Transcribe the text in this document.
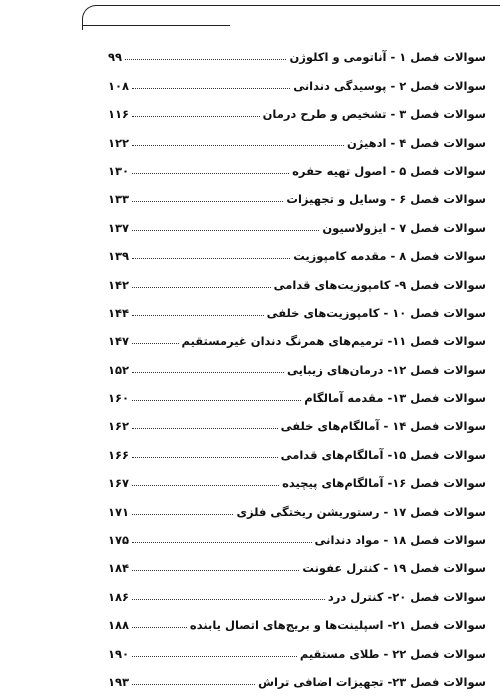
سوالات فصل ۱ - آناتومی و اکلوژن
۹۹
سوالات فصل ۲ - پوسیدگی دندانی
۱۰۸
سوالات فصل ۳ - تشخیص و طرح درمان
۱۱۶
سوالات فصل ۴ - ادهیژن
۱۲۲
سوالات فصل ۵ - اصول تهیه حفره
۱۳۰
سوالات فصل ۶ - وسایل و تجهیزات
۱۳۳
سوالات فصل ۷ - ایزولاسیون
۱۳۷
سوالات فصل ۸ - مقدمه کامپوزیت
۱۳۹
سوالات فصل ۹- کامپوزیت‌های قدامی
۱۴۲
سوالات فصل ۱۰ - کامپوزیت‌های خلفی
۱۴۴
سوالات فصل ۱۱- ترمیم‌های همرنگ دندان غیرمستقیم
۱۴۷
سوالات فصل ۱۲- درمان‌های زیبایی
۱۵۲
سوالات فصل ۱۳- مقدمه آمالگام
۱۶۰
سوالات فصل ۱۴ - آمالگام‌های خلفی
۱۶۲
سوالات فصل ۱۵- آمالگام‌های قدامی
۱۶۶
سوالات فصل ۱۶- آمالگام‌های پیچیده
۱۶۷
سوالات فصل ۱۷ - رستوریشن ریختگی فلزی
۱۷۱
سوالات فصل ۱۸ - مواد دندانی
۱۷۵
سوالات فصل ۱۹ - کنترل عفونت
۱۸۴
سوالات فصل ۲۰- کنترل درد
۱۸۶
سوالات فصل ۲۱- اسپلینت‌ها و بریج‌های اتصال یابنده
۱۸۸
سوالات فصل ۲۲ - طلای مستقیم
۱۹۰
سوالات فصل ۲۳- تجهیزات اضافی تراش
۱۹۳
